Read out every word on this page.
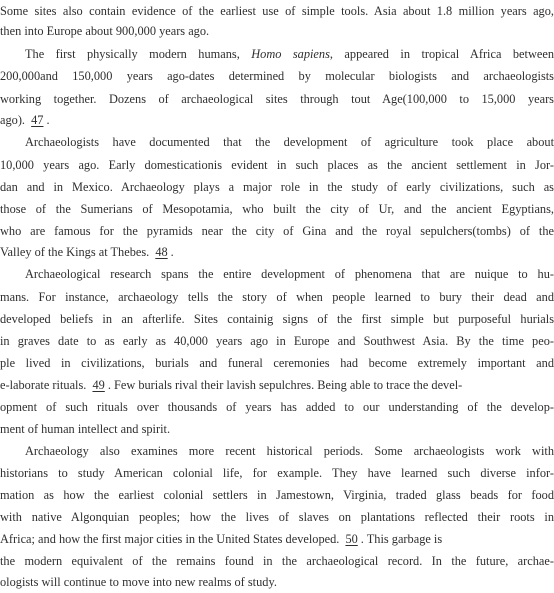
Some sites also contain evidence of the earliest use of simple tools. Asia about 1.8 million years ago,
then into Europe about 900,000 years ago.
The first physically modern humans, Homo sapiens, appeared in tropical Africa between
200,000and 150,000 years ago-dates determined by molecular biologists and archaeologists
working together. Dozens of archaeological sites through tout Age(100,000 to 15,000 years
ago). 47 .
Archaeologists have documented that the development of agriculture took place about
10,000 years ago. Early domesticationis evident in such places as the ancient settlement in Jor-
dan and in Mexico. Archaeology plays a major role in the study of early civilizations, such as
those of the Sumerians of Mesopotamia, who built the city of Ur, and the ancient Egyptians,
who are famous for the pyramids near the city of Gina and the royal sepulchers(tombs) of the
Valley of the Kings at Thebes. 48 .
Archaeological research spans the entire development of phenomena that are nuique to hu-
mans. For instance, archaeology tells the story of when people learned to bury their dead and
developed beliefs in an afterlife. Sites containig signs of the first simple but purposeful hurials
in graves date to as early as 40,000 years ago in Europe and Southwest Asia. By the time peo-
ple lived in civilizations, burials and funeral ceremonies had become extremely important and
e-laborate rituals. 49 . Few burials rival their lavish sepulchres. Being able to trace the devel-
opment of such rituals over thousands of years has added to our understanding of the develop-
ment of human intellect and spirit.
Archaeology also examines more recent historical periods. Some archaeologists work with
historians to study American colonial life, for example. They have learned such diverse infor-
mation as how the earliest colonial settlers in Jamestown, Virginia, traded glass beads for food
with native Algonquian peoples; how the lives of slaves on plantations reflected their roots in
Africa; and how the first major cities in the United States developed. 50 . This garbage is
the modern equivalent of the remains found in the archaeological record. In the future, archae-
ologists will continue to move into new realms of study.
